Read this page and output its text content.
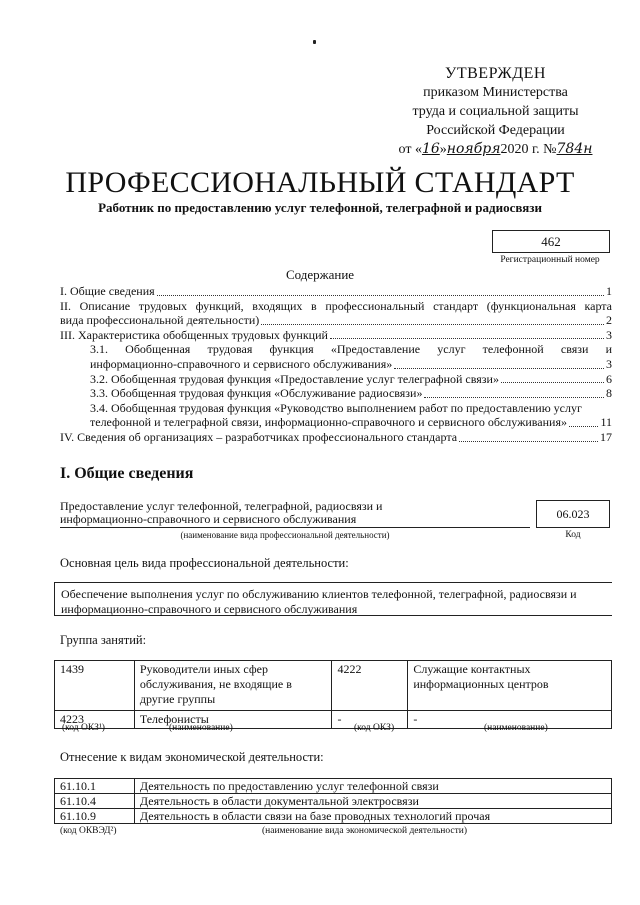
УТВЕРЖДЕН
приказом Министерства
труда и социальной защиты
Российской Федерации
от «16»ноября2020 г. №784н
ПРОФЕССИОНАЛЬНЫЙ СТАНДАРТ
Работник по предоставлению услуг телефонной, телеграфной и радиосвязи
462
Регистрационный номер
Содержание
I. Общие сведения	1
II. Описание трудовых функций, входящих в профессиональный стандарт (функциональная карта
вида профессиональной деятельности)	2
III. Характеристика обобщенных трудовых функций	3
3.1. Обобщенная трудовая функция «Предоставление услуг телефонной связи и
информационно-справочного и сервисного обслуживания»	3
3.2. Обобщенная трудовая функция «Предоставление услуг телеграфной связи»	6
3.3. Обобщенная трудовая функция «Обслуживание радиосвязи»	8
3.4. Обобщенная трудовая функция «Руководство выполнением работ по предоставлению услуг
телефонной и телеграфной связи, информационно-справочного и сервисного обслуживания»	11
IV. Сведения об организациях – разработчиках профессионального стандарта	17
I. Общие сведения
Предоставление услуг телефонной, телеграфной, радиосвязи и
информационно-справочного и сервисного обслуживания
(наименование вида профессиональной деятельности)
06.023
Код
Основная цель вида профессиональной деятельности:
Обеспечение выполнения услуг по обслуживанию клиентов телефонной, телеграфной, радиосвязи и информационно-справочного и сервисного обслуживания
Группа занятий:
1439	Руководители иных сфер обслуживания, не входящие в другие группы	4222	Служащие контактных информационных центров
4223	Телефонисты	-	-
(код ОКЗ¹)	(наименование)	(код ОКЗ)	(наименование)
Отнесение к видам экономической деятельности:
61.10.1	Деятельность по предоставлению услуг телефонной связи
61.10.4	Деятельность в области документальной электросвязи
61.10.9	Деятельность в области связи на базе проводных технологий прочая
(код ОКВЭД²)	(наименование вида экономической деятельности)
